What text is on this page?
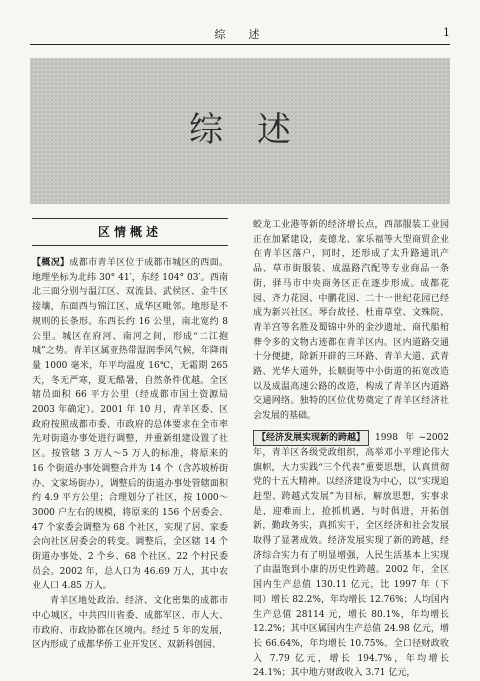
综　述	1
综述
区情概述

【概况】成都市青羊区位于成都市城区的西面。地理坐标为北纬 30° 41′，东经 104° 03′。西南北三面分别与温江区、双流县、武侯区、金牛区接壤，东面西与锦江区、成华区毗邻。地形是不规则的长条形。东西长约 16 公里，南北宽约 8 公里。城区在府河、南河之间，形成“二江抱城”之势。青羊区属亚热带湿润季风气候，年降雨量 1000 毫米，年平均温度 16℃，无霜期 265 天，冬无严寒，夏无酷暑，自然条件优越。全区辖员面积 66 平方公里（经成都市国土资源局 2003 年确定）。2001 年 10 月，青羊区委、区政府按照成都市委、市政府的总体要求在全市率先对街道办事处进行调整，并重新组建设置了社区。按管辖 3 万人～5 万人的标准，将原来的 16 个街道办事处调整合并为 14 个（含苏坡桥街办、文家场街办），调整后的街道办事处管辖面积约 4.9 平方公里；合理划分了社区，按 1000～3000 户左右的规模，将原来的 156 个居委会、47 个家委会调整为 68 个社区，实现了居、家委会向社区居委会的转变。调整后，全区辖 14 个街道办事处、2 个乡、68 个社区、22 个村民委员会。2002 年，总人口为 46.69 万人，其中农业人口 4.85 万人。

青羊区地处政治、经济、文化密集的成都市中心城区，中共四川省委、成都军区、市人大、市政府、市政协都在区境内。经过 5 年的发展，区内形成了成都华侨工业开发区、双新科创园、

蛟龙工业港等新的经济增长点，西部服装工业园正在加紧建设，麦德龙、家乐福等大型商贸企业在青羊区落户，同时，还形成了太升路通讯产品、草市街服装、成温路汽配等专业商品一条街，驿马市中央商务区正在逐步形成。成都花园、齐力花园、中鹏花园、二十一世纪花园已经成为新兴社区。琴台故径、杜甫草堂、文殊院、青羊宫等名胜及蜀锦中外的金沙遗址、商代船棺葬令多的文物古迹都在青羊区内。区内道路交通十分便捷，除新开辟的三环路、青羊大道、武青路、光华大道外，长顺街等中小街道的拓宽改造以及成温高速公路的改造，构成了青羊区内道路交通网络。独特的区位优势奠定了青羊区经济社会发展的基础。

【经济发展实现新的跨越】 1998 年~2002 年，青羊区各级党政组织，高举邓小平理论伟大旗帜，大力实践“三个代表”重要思想，认真贯彻党的十五大精神。以经济建设为中心，以“实现追赶型、跨越式发展”为目标，解放思想，实事求是，迎难而上，抢抓机遇，与时俱进，开拓创新，勤政务实，真抓实干，全区经济和社会发展取得了显著成效。经济发展实现了新的跨越，经济综合实力有了明显增强，人民生活基本上实现了由温饱到小康的历史性跨越。2002 年，全区国内生产总值 130.11 亿元，比 1997 年（下同）增长 82.2%，年均增长 12.76%；人均国内生产总值 28114 元，增长 80.1%，年均增长 12.2%；其中区属国内生产总值 24.98 亿元，增长 66.64%，年均增长 10.75%。全口径财政收入 7.79 亿元，增长 194.7%，年均增长 24.1%；其中地方财政收入 3.71 亿元，
